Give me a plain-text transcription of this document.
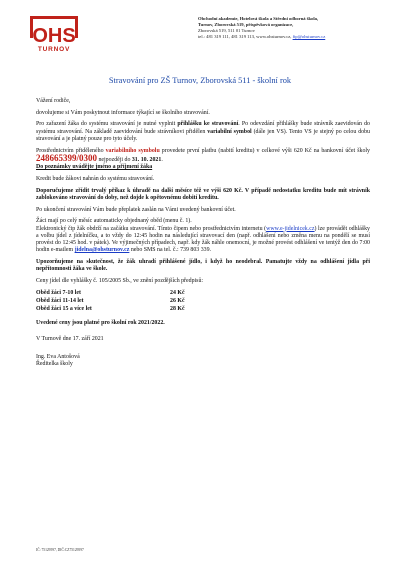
OHS
TURNOV
Obchodní akademie, Hotelová škola a Střední odborná škola,
Turnov, Zborovská 519, příspěvková organizace,
Zborovská 519, 511 01 Turnov
tel.: 481 319 111, 481 319 113, www.ohsturnov.cz, ftp@ohsturnov.cz
Stravování pro ZŠ Turnov, Zborovská 511 - školní rok

Vážení rodiče,

dovolujeme si Vám poskytnout informace týkající se školního stravování.

Pro zařazení žáka do systému stravování je nutné vyplnit přihlášku ke stravování. Po odevzdání přihlášky bude strávník zaevidován do systému stravování. Na základě zaevidování bude strávníkovi přidělen variabilní symbol (dále jen VS). Tento VS je stejný po celou dobu stravování a je platný pouze pro tyto účely.

Prostřednictvím přiděleného variabilního symbolu provedete první platbu (nabití kreditu) v celkové výši 620 Kč na bankovní účet školy 248665399/0300 nejpozději do 31. 10. 2021.
Do poznámky uvádějte jméno a příjmení žáka

Kredit bude žákovi nahrán do systému stravování.

Doporučujeme zřídit trvalý příkaz k úhradě na další měsíce též ve výši 620 Kč. V případě nedostatku kreditu bude mít strávník zablokováno stravování do doby, než dojde k opětovnému dobití kreditu.

Po ukončení stravování Vám bude přeplatek zaslán na Vámi uvedený bankovní účet.

Žáci mají po celý měsíc automaticky objednaný oběd (menu č. 1).

Elektronický čip žák obdrží na začátku stravování. Tímto čipem nebo prostřednictvím internetu (www.e-jidelnicek.cz) lze provádět odhlášky a volbu jídel z jídelníčku, a to vždy do 12:45 hodin na následující stravovací den (např. odhlášení nebo změna menu na pondělí se musí provést do 12:45 hod. v pátek). Ve výjimečných případech, např. kdy žák náhle onemocní, je možné provést odhlášení ve tentýž den do 7:00 hodin e-mailem jidelna@ohsturnov.cz nebo SMS na tel. č.: 739 803 339.

Upozorňujeme na skutečnost, že žák uhradí přihlášené jídlo, i když ho neodebral. Pamatujte vždy na odhlášení jídla při nepřítomnosti žáka ve škole.

Ceny jídel dle vyhlášky č. 105/2005 Sb., ve znění pozdějších předpisů:

Oběd žáci 7-10 let	24 Kč
Oběd žáci 11-14 let	26 Kč
Oběd žáci 15 a více let	28 Kč

Uvedené ceny jsou platné pro školní rok 2021/2022.

V Turnově dne 17. září 2021

Ing. Eva Antošová
Ředitelka školy
IČ: 75129597, DIČ:CZ75129597
